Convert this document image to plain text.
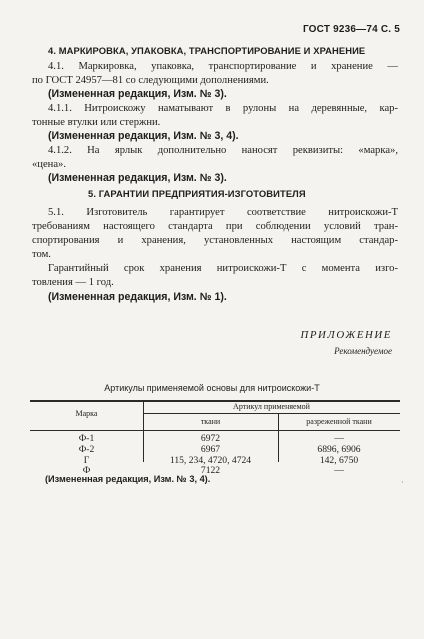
ГОСТ 9236—74 С. 5
4. МАРКИРОВКА, УПАКОВКА, ТРАНСПОРТИРОВАНИЕ И ХРАНЕНИЕ
4.1. Маркировка, упаковка, транспортирование и хранение —
по ГОСТ 24957—81 со следующими дополнениями.
(Измененная редакция, Изм. № 3).
4.1.1. Нитроискожу наматывают в рулоны на деревянные, кар-
тонные втулки или стержни.
(Измененная редакция, Изм. № 3, 4).
4.1.2. На ярлык дополнительно наносят реквизиты: «марка»,
«цена».
(Измененная редакция, Изм. № 3).
5. ГАРАНТИИ ПРЕДПРИЯТИЯ-ИЗГОТОВИТЕЛЯ
5.1. Изготовитель гарантирует соответствие нитроискожи-Т
требованиям настоящего стандарта при соблюдении условий тран-
спортирования и хранения, установленных настоящим стандар-
том.
Гарантийный срок хранения нитроискожи-Т с момента изго-
товления — 1 год.
(Измененная редакция, Изм. № 1).
ПРИЛОЖЕНИЕ
Рекомендуемое
Артикулы применяемой основы для нитроискожи-Т
Марка
Артикул применяемой
ткани	разреженной ткани
Ф-1
Ф-2
Г
Ф
6972
6967
115, 234, 4720, 4724
7122
—
6896, 6906
142, 6750
—
(Измененная редакция, Изм. № 3, 4).	·
